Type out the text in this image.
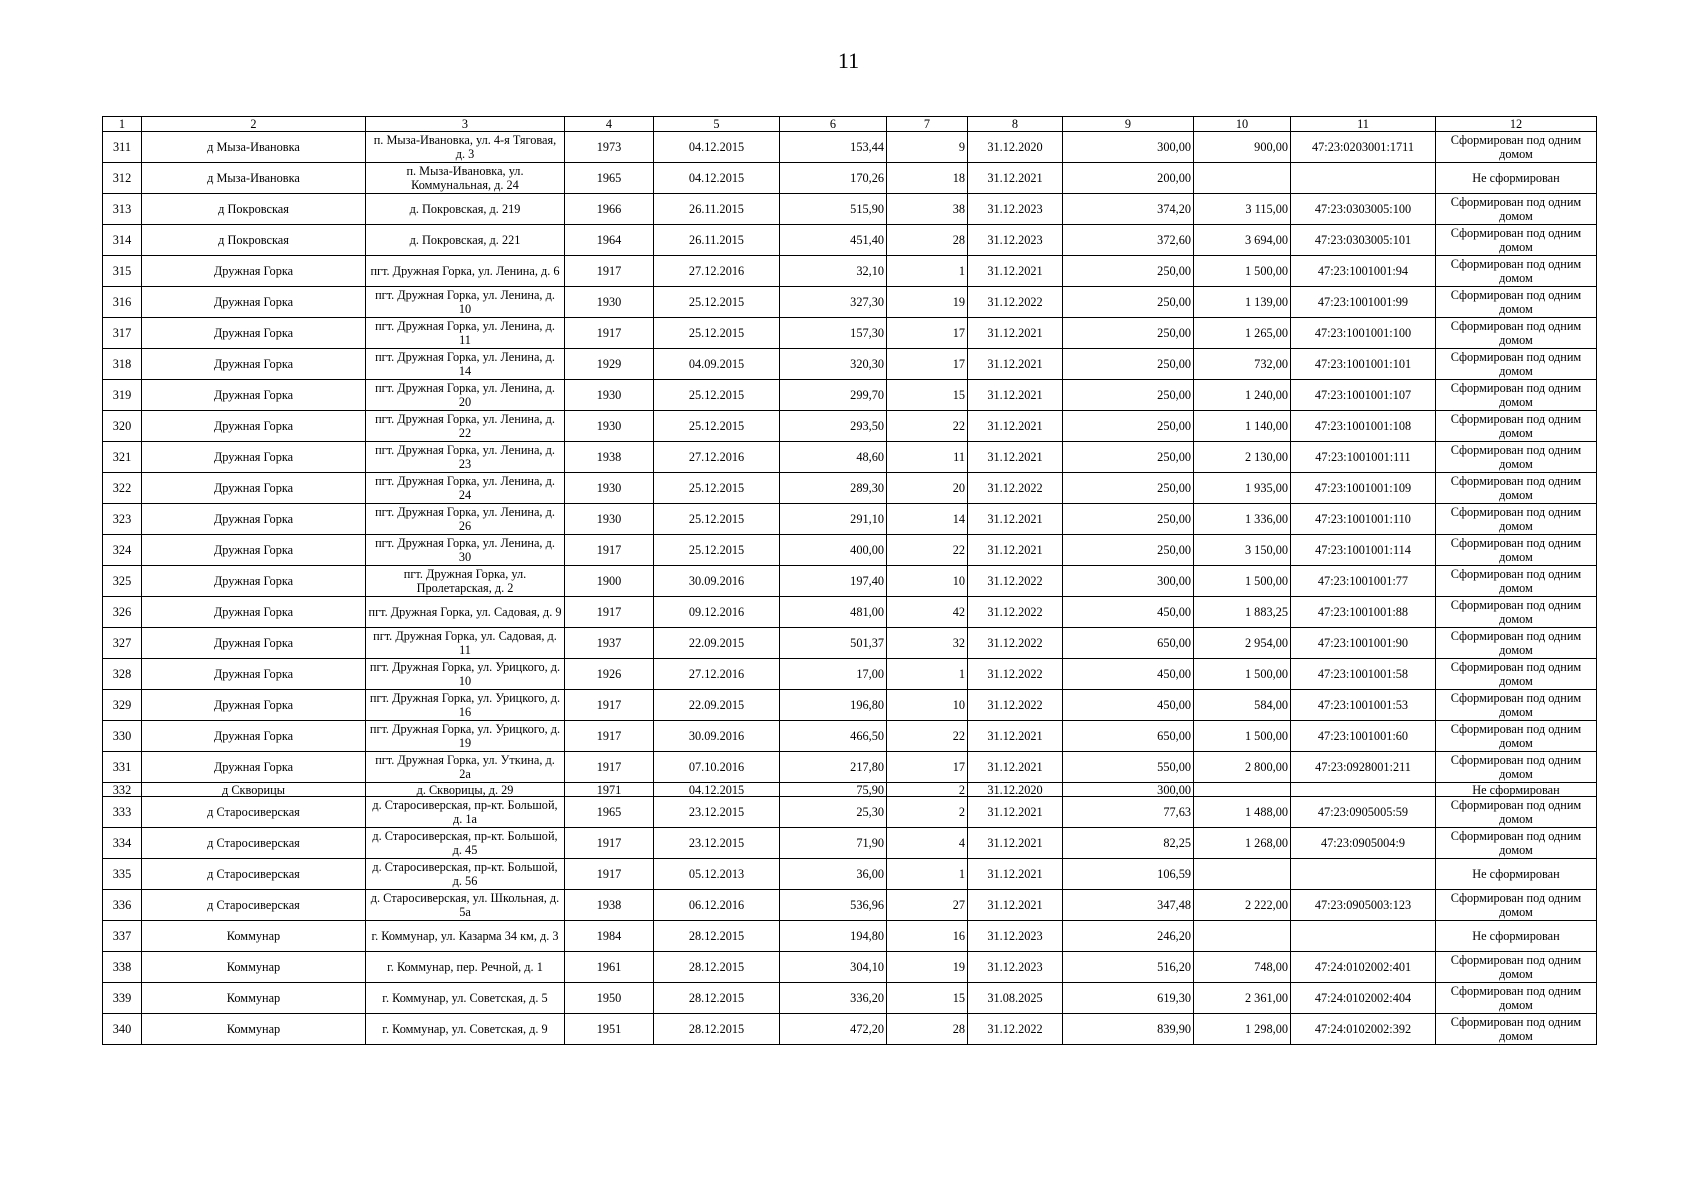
11
1	2	3	4	5	6	7	8	9	10	11	12
311	д Мыза-Ивановка	п. Мыза-Ивановка, ул. 4-я Тяговая, д. 3	1973	04.12.2015	153,44	9	31.12.2020	300,00	900,00	47:23:0203001:1711	Сформирован под одним домом
312	д Мыза-Ивановка	п. Мыза-Ивановка, ул. Коммунальная, д. 24	1965	04.12.2015	170,26	18	31.12.2021	200,00			Не сформирован
313	д Покровская	д. Покровская, д. 219	1966	26.11.2015	515,90	38	31.12.2023	374,20	3 115,00	47:23:0303005:100	Сформирован под одним домом
314	д Покровская	д. Покровская, д. 221	1964	26.11.2015	451,40	28	31.12.2023	372,60	3 694,00	47:23:0303005:101	Сформирован под одним домом
315	Дружная Горка	пгт. Дружная Горка, ул. Ленина, д. 6	1917	27.12.2016	32,10	1	31.12.2021	250,00	1 500,00	47:23:1001001:94	Сформирован под одним домом
316	Дружная Горка	пгт. Дружная Горка, ул. Ленина, д. 10	1930	25.12.2015	327,30	19	31.12.2022	250,00	1 139,00	47:23:1001001:99	Сформирован под одним домом
317	Дружная Горка	пгт. Дружная Горка, ул. Ленина, д. 11	1917	25.12.2015	157,30	17	31.12.2021	250,00	1 265,00	47:23:1001001:100	Сформирован под одним домом
318	Дружная Горка	пгт. Дружная Горка, ул. Ленина, д. 14	1929	04.09.2015	320,30	17	31.12.2021	250,00	732,00	47:23:1001001:101	Сформирован под одним домом
319	Дружная Горка	пгт. Дружная Горка, ул. Ленина, д. 20	1930	25.12.2015	299,70	15	31.12.2021	250,00	1 240,00	47:23:1001001:107	Сформирован под одним домом
320	Дружная Горка	пгт. Дружная Горка, ул. Ленина, д. 22	1930	25.12.2015	293,50	22	31.12.2021	250,00	1 140,00	47:23:1001001:108	Сформирован под одним домом
321	Дружная Горка	пгт. Дружная Горка, ул. Ленина, д. 23	1938	27.12.2016	48,60	11	31.12.2021	250,00	2 130,00	47:23:1001001:111	Сформирован под одним домом
322	Дружная Горка	пгт. Дружная Горка, ул. Ленина, д. 24	1930	25.12.2015	289,30	20	31.12.2022	250,00	1 935,00	47:23:1001001:109	Сформирован под одним домом
323	Дружная Горка	пгт. Дружная Горка, ул. Ленина, д. 26	1930	25.12.2015	291,10	14	31.12.2021	250,00	1 336,00	47:23:1001001:110	Сформирован под одним домом
324	Дружная Горка	пгт. Дружная Горка, ул. Ленина, д. 30	1917	25.12.2015	400,00	22	31.12.2021	250,00	3 150,00	47:23:1001001:114	Сформирован под одним домом
325	Дружная Горка	пгт. Дружная Горка, ул. Пролетарская, д. 2	1900	30.09.2016	197,40	10	31.12.2022	300,00	1 500,00	47:23:1001001:77	Сформирован под одним домом
326	Дружная Горка	пгт. Дружная Горка, ул. Садовая, д. 9	1917	09.12.2016	481,00	42	31.12.2022	450,00	1 883,25	47:23:1001001:88	Сформирован под одним домом
327	Дружная Горка	пгт. Дружная Горка, ул. Садовая, д. 11	1937	22.09.2015	501,37	32	31.12.2022	650,00	2 954,00	47:23:1001001:90	Сформирован под одним домом
328	Дружная Горка	пгт. Дружная Горка, ул. Урицкого, д. 10	1926	27.12.2016	17,00	1	31.12.2022	450,00	1 500,00	47:23:1001001:58	Сформирован под одним домом
329	Дружная Горка	пгт. Дружная Горка, ул. Урицкого, д. 16	1917	22.09.2015	196,80	10	31.12.2022	450,00	584,00	47:23:1001001:53	Сформирован под одним домом
330	Дружная Горка	пгт. Дружная Горка, ул. Урицкого, д. 19	1917	30.09.2016	466,50	22	31.12.2021	650,00	1 500,00	47:23:1001001:60	Сформирован под одним домом
331	Дружная Горка	пгт. Дружная Горка, ул. Уткина, д. 2а	1917	07.10.2016	217,80	17	31.12.2021	550,00	2 800,00	47:23:0928001:211	Сформирован под одним домом
332	д Скворицы	д. Скворицы, д. 29	1971	04.12.2015	75,90	2	31.12.2020	300,00			Не сформирован
333	д Старосиверская	д. Старосиверская, пр-кт. Большой, д. 1а	1965	23.12.2015	25,30	2	31.12.2021	77,63	1 488,00	47:23:0905005:59	Сформирован под одним домом
334	д Старосиверская	д. Старосиверская, пр-кт. Большой, д. 45	1917	23.12.2015	71,90	4	31.12.2021	82,25	1 268,00	47:23:0905004:9	Сформирован под одним домом
335	д Старосиверская	д. Старосиверская, пр-кт. Большой, д. 56	1917	05.12.2013	36,00	1	31.12.2021	106,59			Не сформирован
336	д Старосиверская	д. Старосиверская, ул. Школьная, д. 5а	1938	06.12.2016	536,96	27	31.12.2021	347,48	2 222,00	47:23:0905003:123	Сформирован под одним домом
337	Коммунар	г. Коммунар, ул. Казарма 34 км, д. 3	1984	28.12.2015	194,80	16	31.12.2023	246,20			Не сформирован
338	Коммунар	г. Коммунар, пер. Речной, д. 1	1961	28.12.2015	304,10	19	31.12.2023	516,20	748,00	47:24:0102002:401	Сформирован под одним домом
339	Коммунар	г. Коммунар, ул. Советская, д. 5	1950	28.12.2015	336,20	15	31.08.2025	619,30	2 361,00	47:24:0102002:404	Сформирован под одним домом
340	Коммунар	г. Коммунар, ул. Советская, д. 9	1951	28.12.2015	472,20	28	31.12.2022	839,90	1 298,00	47:24:0102002:392	Сформирован под одним домом
